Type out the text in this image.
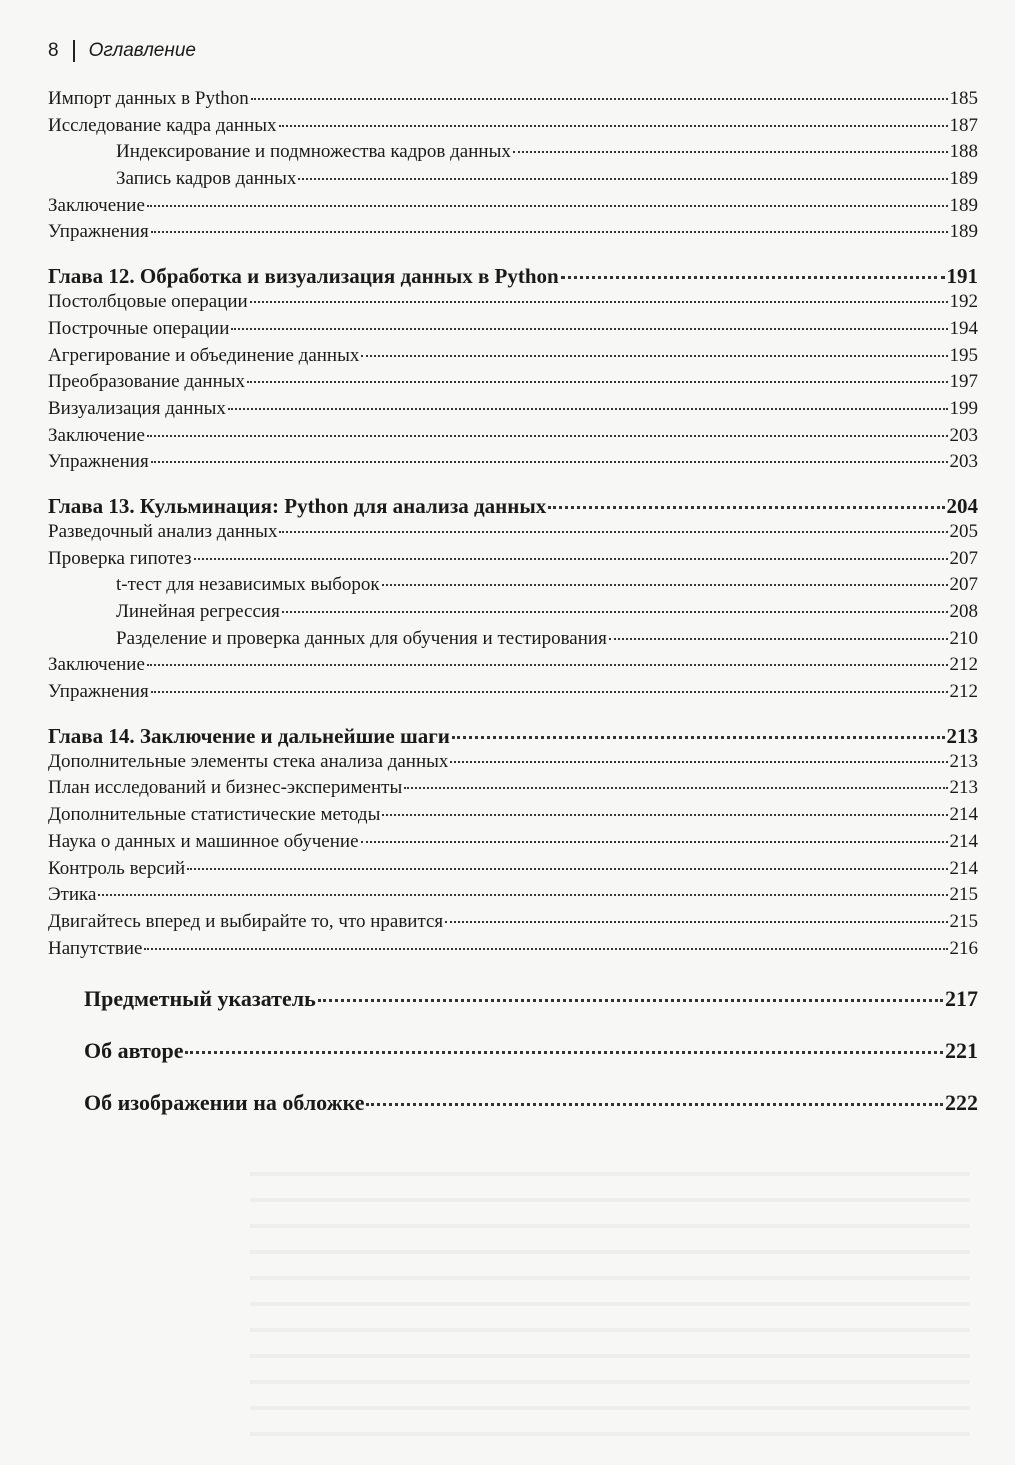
8 Оглавление
Импорт данных в Python	185
Исследование кадра данных	187
Индексирование и подмножества кадров данных	188
Запись кадров данных	189
Заключение	189
Упражнения	189
Глава 12. Обработка и визуализация данных в Python	191
Постолбцовые операции	192
Построчные операции	194
Агрегирование и объединение данных	195
Преобразование данных	197
Визуализация данных	199
Заключение	203
Упражнения	203
Глава 13. Кульминация: Python для анализа данных	204
Разведочный анализ данных	205
Проверка гипотез	207
t-тест для независимых выборок	207
Линейная регрессия	208
Разделение и проверка данных для обучения и тестирования	210
Заключение	212
Упражнения	212
Глава 14. Заключение и дальнейшие шаги	213
Дополнительные элементы стека анализа данных	213
План исследований и бизнес-эксперименты	213
Дополнительные статистические методы	214
Наука о данных и машинное обучение	214
Контроль версий	214
Этика	215
Двигайтесь вперед и выбирайте то, что нравится	215
Напутствие	216
Предметный указатель	217
Об авторе	221
Об изображении на обложке	222
